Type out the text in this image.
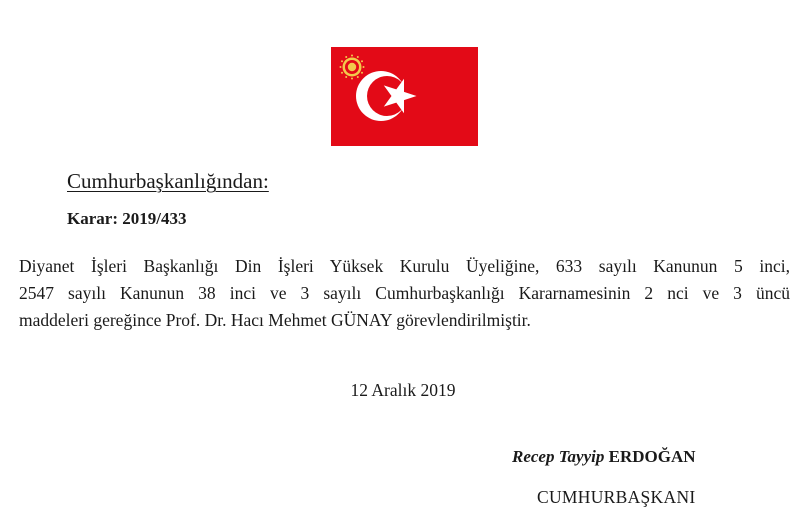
Cumhurbaşkanlığından:
Karar: 2019/433
Diyanet İşleri Başkanlığı Din İşleri Yüksek Kurulu Üyeliğine, 633 sayılı Kanunun 5 inci,
2547 sayılı Kanunun 38 inci ve 3 sayılı Cumhurbaşkanlığı Kararnamesinin 2 nci ve 3 üncü
maddeleri gereğince Prof. Dr. Hacı Mehmet GÜNAY görevlendirilmiştir.
12 Aralık 2019
Recep Tayyip ERDOĞAN
CUMHURBAŞKANI
